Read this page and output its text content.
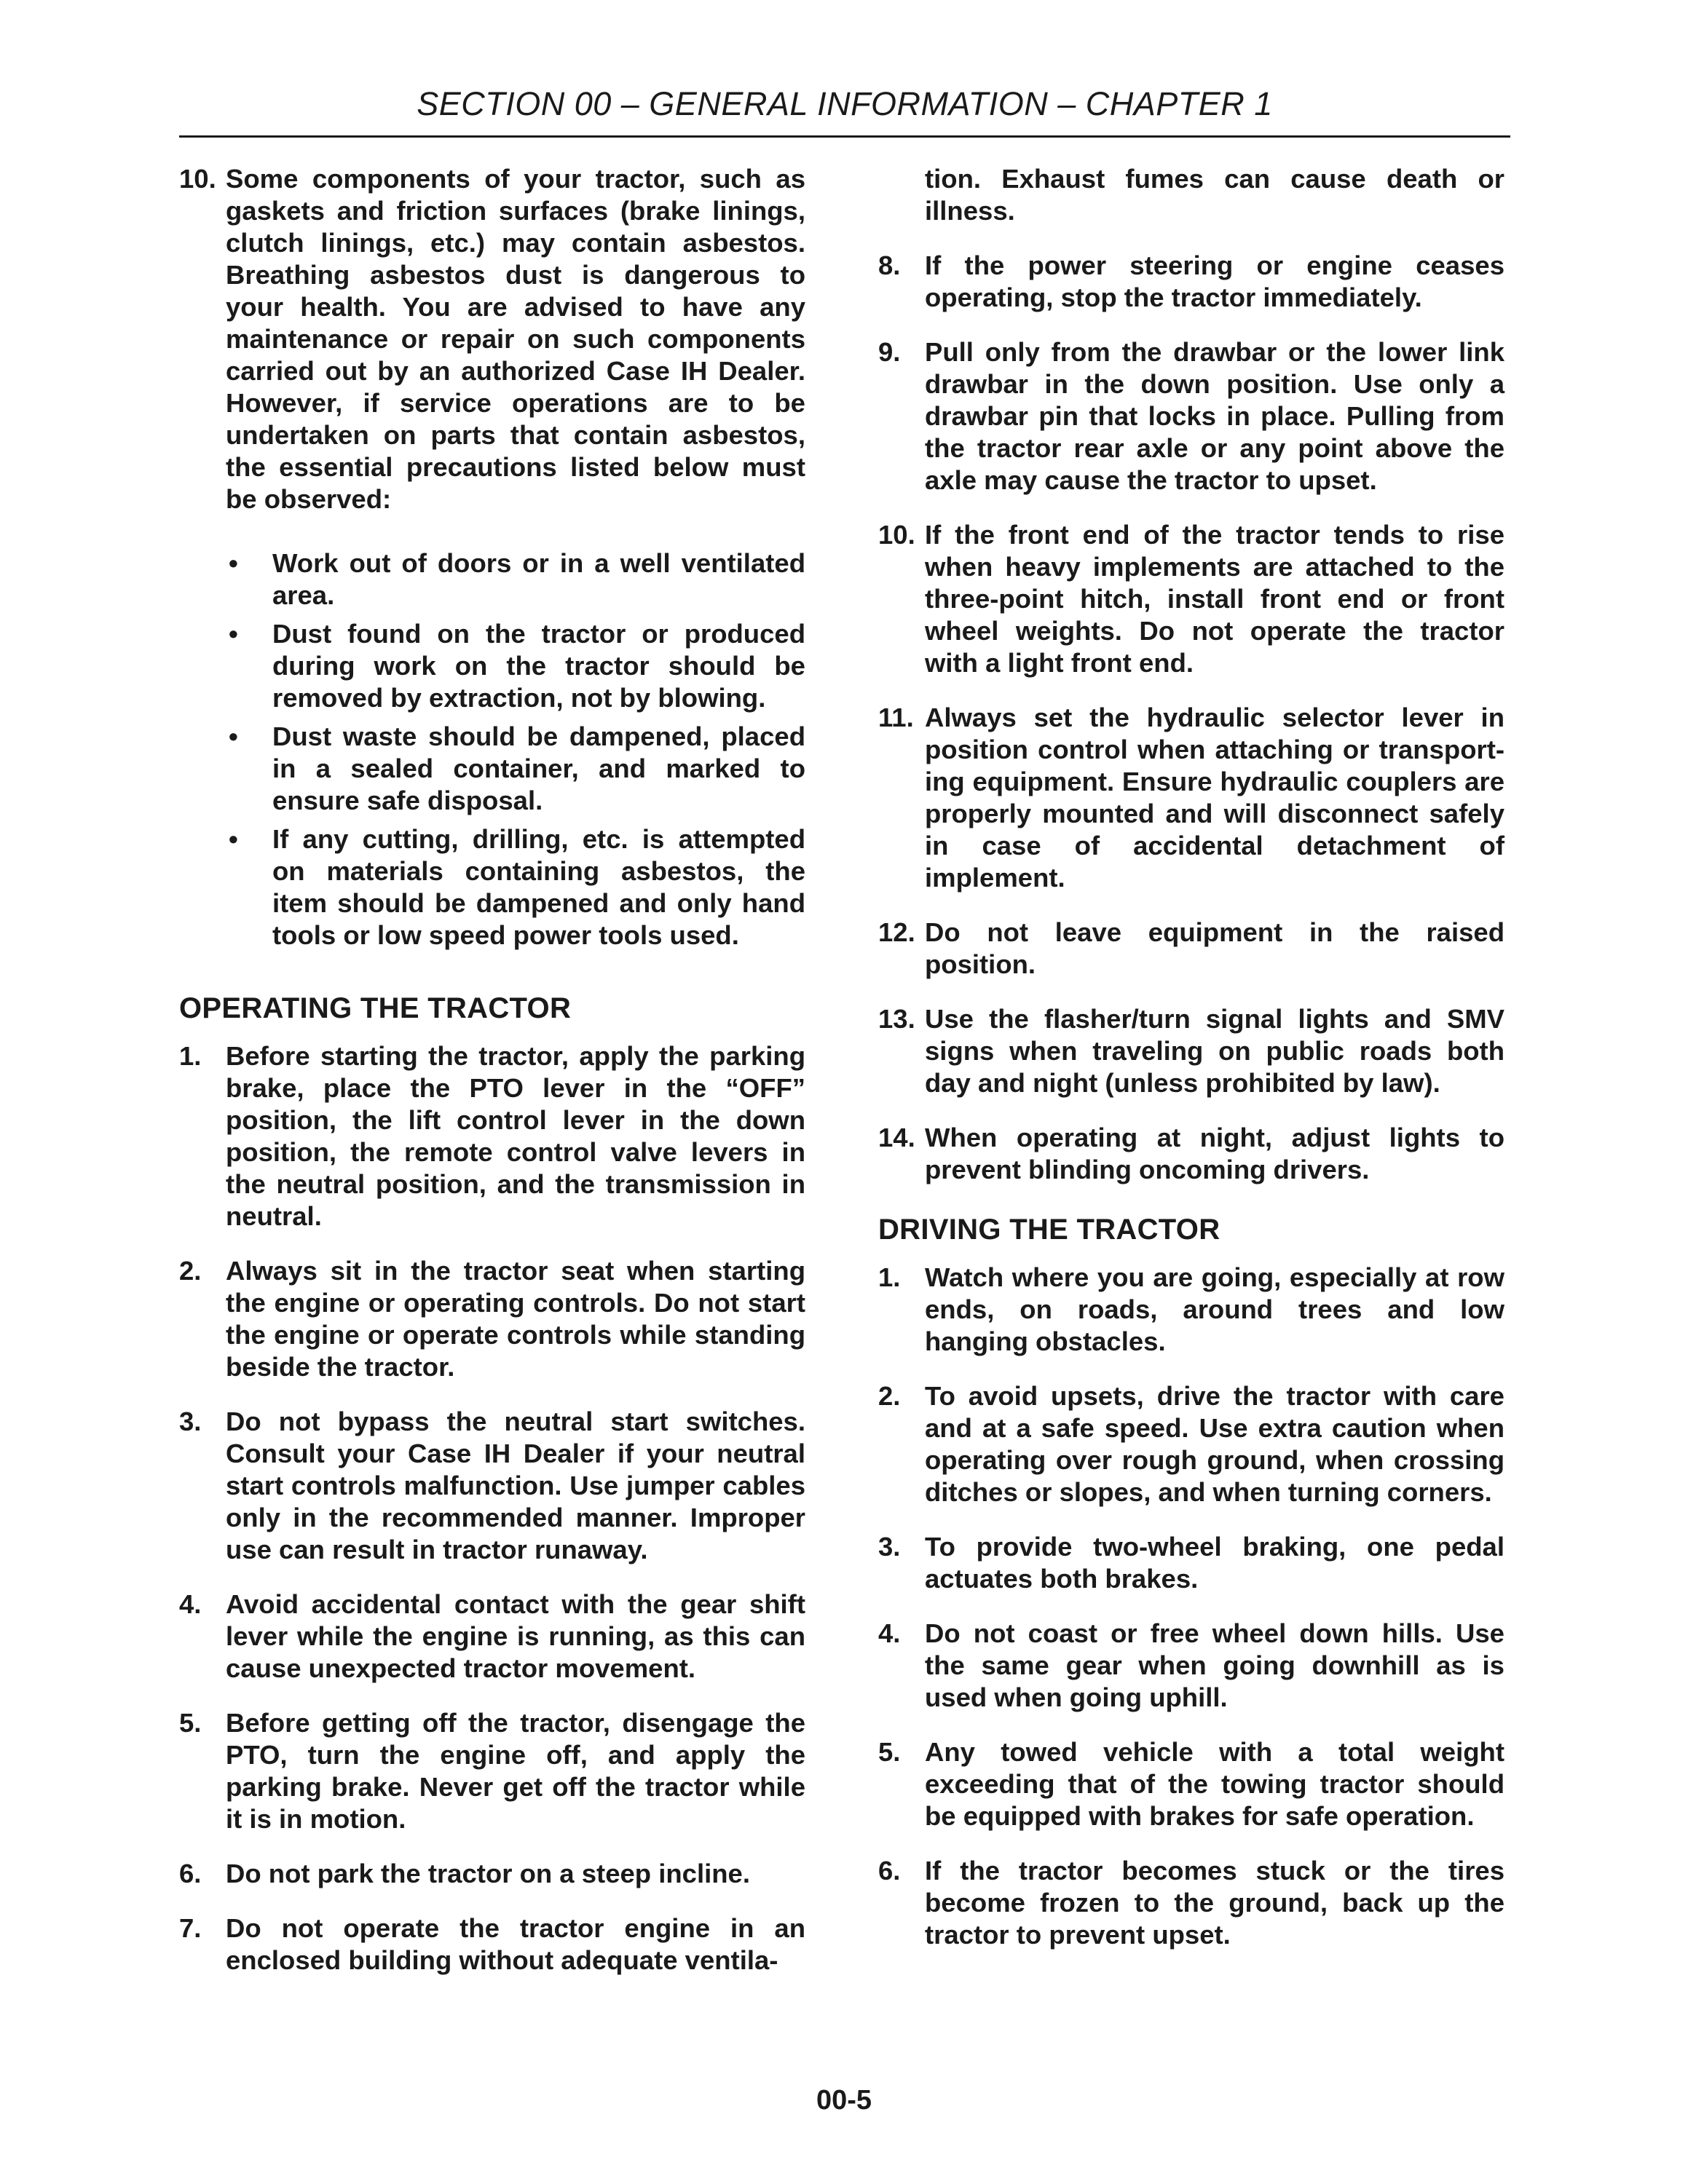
SECTION 00 – GENERAL INFORMATION – CHAPTER 1
10. Some components of your tractor, such as gaskets and friction surfaces (brake linings, clutch linings, etc.) may contain asbestos. Breathing asbestos dust is dangerous to your health. You are advised to have any maintenance or repair on such components carried out by an authorized Case IH Dealer. However, if service operations are to be undertaken on parts that contain asbestos, the essential precautions listed below must be observed:
• Work out of doors or in a well ventilated area.
• Dust found on the tractor or produced during work on the tractor should be removed by extraction, not by blowing.
• Dust waste should be dampened, placed in a sealed container, and marked to ensure safe disposal.
• If any cutting, drilling, etc. is attempted on materials containing asbestos, the item should be dampened and only hand tools or low speed power tools used.
OPERATING THE TRACTOR
1. Before starting the tractor, apply the parking brake, place the PTO lever in the “OFF” position, the lift control lever in the down position, the remote control valve levers in the neutral position, and the transmission in neutral.
2. Always sit in the tractor seat when starting the engine or operating controls. Do not start the engine or operate controls while standing beside the tractor.
3. Do not bypass the neutral start switches. Consult your Case IH Dealer if your neutral start controls malfunction. Use jumper cables only in the recommended manner. Improper use can result in tractor runaway.
4. Avoid accidental contact with the gear shift lever while the engine is running, as this can cause unexpected tractor movement.
5. Before getting off the tractor, disengage the PTO, turn the engine off, and apply the parking brake. Never get off the tractor while it is in motion.
6. Do not park the tractor on a steep incline.
7. Do not operate the tractor engine in an enclosed building without adequate ventila-
tion. Exhaust fumes can cause death or illness.
8. If the power steering or engine ceases operating, stop the tractor immediately.
9. Pull only from the drawbar or the lower link drawbar in the down position. Use only a drawbar pin that locks in place. Pulling from the tractor rear axle or any point above the axle may cause the tractor to upset.
10. If the front end of the tractor tends to rise when heavy implements are attached to the three-point hitch, install front end or front wheel weights. Do not operate the tractor with a light front end.
11. Always set the hydraulic selector lever in position control when attaching or transport-ing equipment. Ensure hydraulic couplers are properly mounted and will disconnect safely in case of accidental detachment of implement.
12. Do not leave equipment in the raised position.
13. Use the flasher/turn signal lights and SMV signs when traveling on public roads both day and night (unless prohibited by law).
14. When operating at night, adjust lights to prevent blinding oncoming drivers.
DRIVING THE TRACTOR
1. Watch where you are going, especially at row ends, on roads, around trees and low hanging obstacles.
2. To avoid upsets, drive the tractor with care and at a safe speed. Use extra caution when operating over rough ground, when crossing ditches or slopes, and when turning corners.
3. To provide two-wheel braking, one pedal actuates both brakes.
4. Do not coast or free wheel down hills. Use the same gear when going downhill as is used when going uphill.
5. Any towed vehicle with a total weight exceeding that of the towing tractor should be equipped with brakes for safe operation.
6. If the tractor becomes stuck or the tires become frozen to the ground, back up the tractor to prevent upset.
00-5
